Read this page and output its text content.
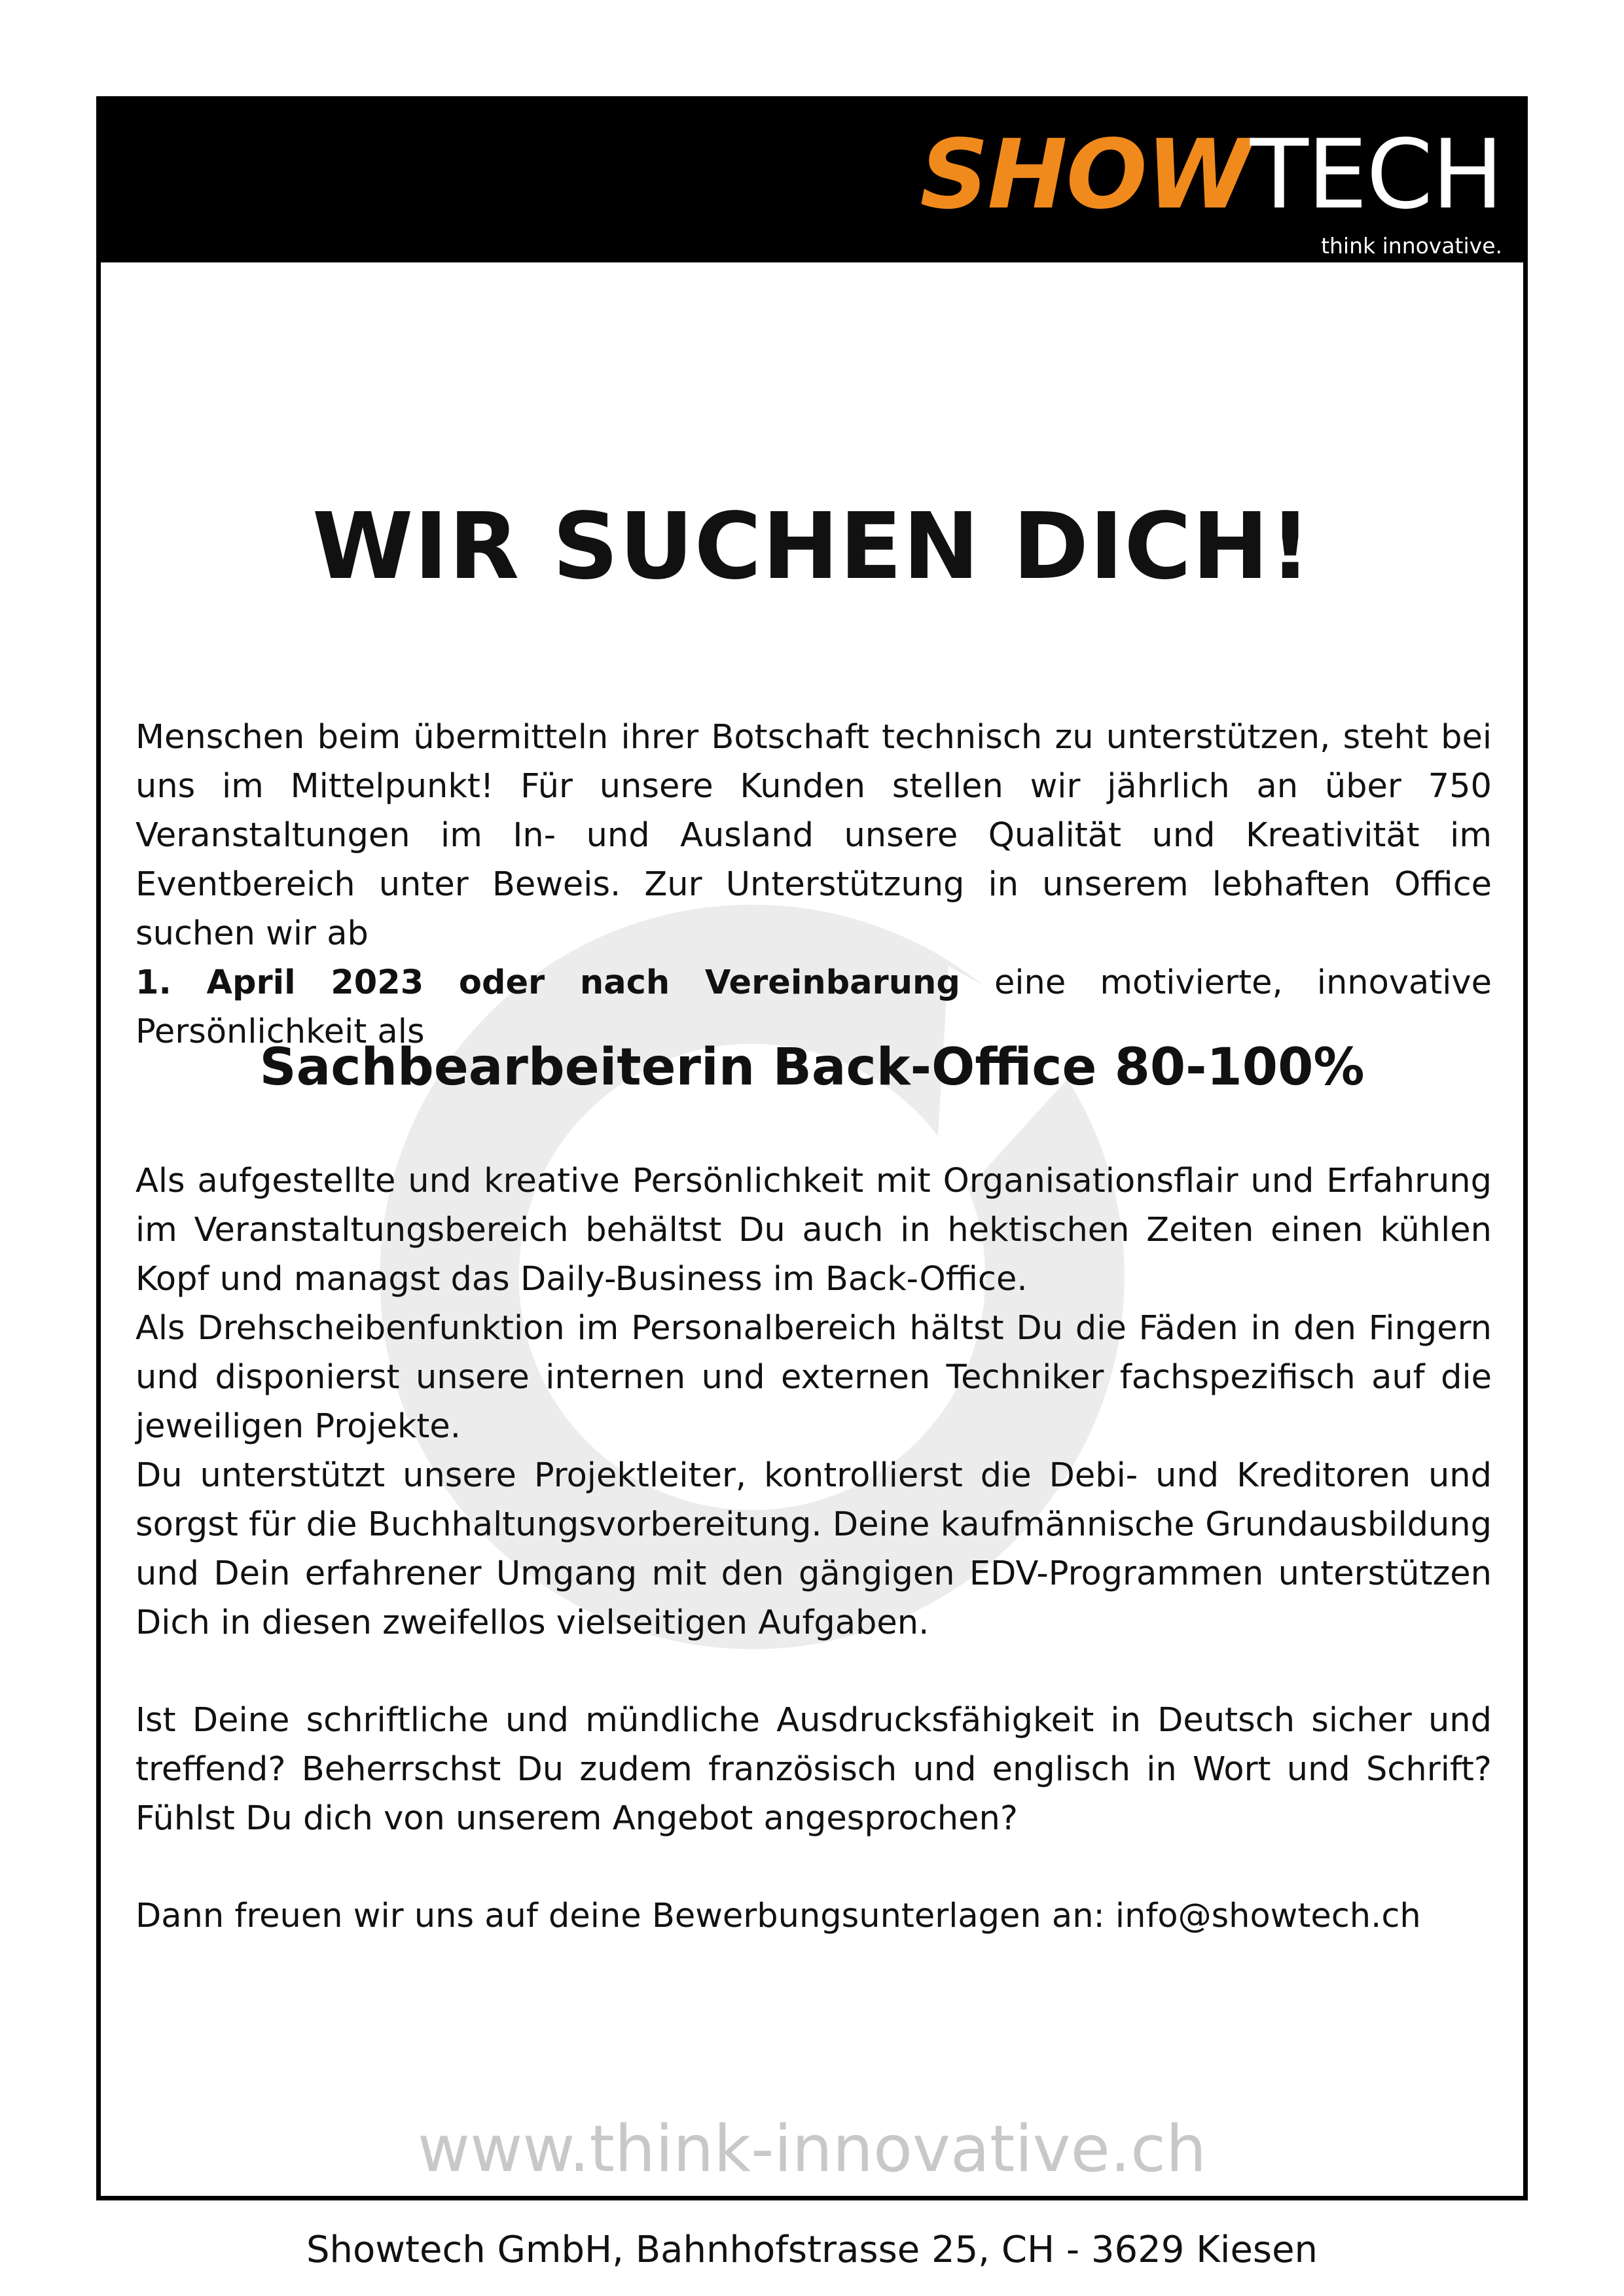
SHOWTECH
think innovative.
WIR SUCHEN DICH!

Menschen beim übermitteln ihrer Botschaft technisch zu unterstützen, steht bei uns im Mittelpunkt! Für unsere Kunden stellen wir jährlich an über 750 Veranstaltungen im In- und Ausland unsere Qualität und Kreativität im Eventbereich unter Beweis. Zur Unterstützung in unserem lebhaften Office suchen wir ab
1. April 2023 oder nach Vereinbarung eine motivierte, innovative Persönlichkeit als

Sachbearbeiterin Back-Office 80-100%

Als aufgestellte und kreative Persönlichkeit mit Organisationsflair und Erfahrung im Veranstaltungsbereich behältst Du auch in hektischen Zeiten einen kühlen Kopf und managst das Daily-Business im Back-Office.

Als Drehscheibenfunktion im Personalbereich hältst Du die Fäden in den Fingern und disponierst unsere internen und externen Techniker fachspezifisch auf die jeweiligen Projekte.

Du unterstützt unsere Projektleiter, kontrollierst die Debi- und Kreditoren und sorgst für die Buchhaltungsvorbereitung. Deine kaufmännische Grundausbildung und Dein erfahrener Umgang mit den gängigen EDV-Programmen unterstützen Dich in diesen zweifellos vielseitigen Aufgaben.

Ist Deine schriftliche und mündliche Ausdrucksfähigkeit in Deutsch sicher und treffend? Beherrschst Du zudem französisch und englisch in Wort und Schrift? Fühlst Du dich von unserem Angebot angesprochen?

Dann freuen wir uns auf deine Bewerbungsunterlagen an: info@showtech.ch

www.think-innovative.ch
Showtech GmbH, Bahnhofstrasse 25, CH - 3629 Kiesen
